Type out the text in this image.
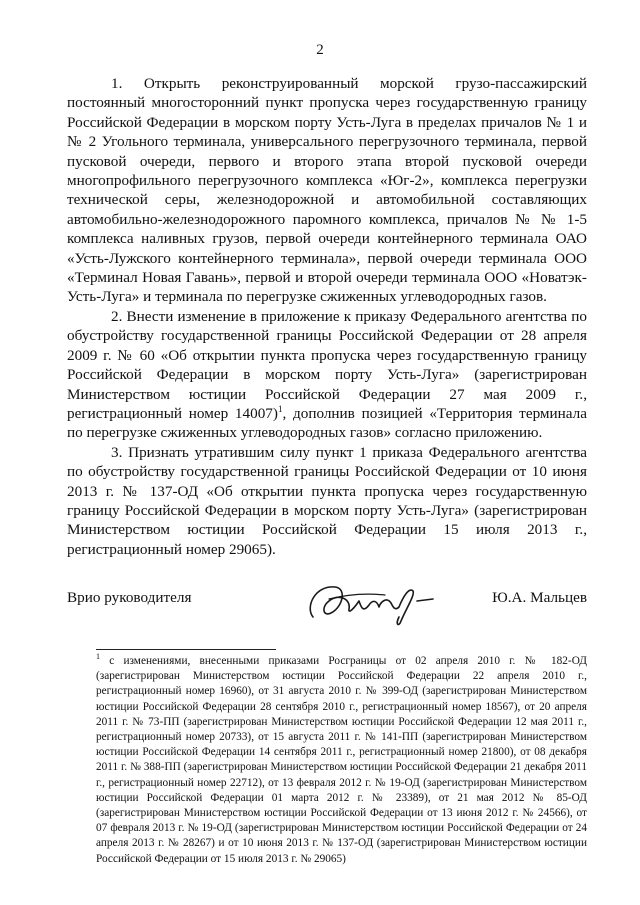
2

1. Открыть реконструированный морской грузо-пассажирский постоянный многосторонний пункт пропуска через государственную границу Российской Федерации в морском порту Усть-Луга в пределах причалов № 1 и № 2 Угольного терминала, универсального перегрузочного терминала, первой пусковой очереди, первого и второго этапа второй пусковой очереди многопрофильного перегрузочного комплекса «Юг-2», комплекса перегрузки технической серы, железнодорожной и автомобильной составляющих автомобильно-железнодорожного паромного комплекса, причалов № № 1-5 комплекса наливных грузов, первой очереди контейнерного терминала ОАО «Усть-Лужского контейнерного терминала», первой очереди терминала ООО «Терминал Новая Гавань», первой и второй очереди терминала ООО «Новатэк-Усть-Луга» и терминала по перегрузке сжиженных углеводородных газов.

2. Внести изменение в приложение к приказу Федерального агентства по обустройству государственной границы Российской Федерации от 28 апреля 2009 г. № 60 «Об открытии пункта пропуска через государственную границу Российской Федерации в морском порту Усть-Луга» (зарегистрирован Министерством юстиции Российской Федерации 27 мая 2009 г., регистрационный номер 14007)$^1$, дополнив позицией «Территория терминала по перегрузке сжиженных углеводородных газов» согласно приложению.

3. Признать утратившим силу пункт 1 приказа Федерального агентства по обустройству государственной границы Российской Федерации от 10 июня 2013 г. № 137-ОД «Об открытии пункта пропуска через государственную границу Российской Федерации в морском порту Усть-Луга» (зарегистрирован Министерством юстиции Российской Федерации 15 июля 2013 г., регистрационный номер 29065).

Врио руководителя	Ю.А. Мальцев
$^1$ с изменениями, внесенными приказами Росграницы от 02 апреля 2010 г. № 182-ОД (зарегистрирован Министерством юстиции Российской Федерации 22 апреля 2010 г., регистрационный номер 16960), от 31 августа 2010 г. № 399-ОД (зарегистрирован Министерством юстиции Российской Федерации 28 сентября 2010 г., регистрационный номер 18567), от 20 апреля 2011 г. № 73-ПП (зарегистрирован Министерством юстиции Российской Федерации 12 мая 2011 г., регистрационный номер 20733), от 15 августа 2011 г. № 141-ПП (зарегистрирован Министерством юстиции Российской Федерации 14 сентября 2011 г., регистрационный номер 21800), от 08 декабря 2011 г. № 388-ПП (зарегистрирован Министерством юстиции Российской Федерации 21 декабря 2011 г., регистрационный номер 22712), от 13 февраля 2012 г. № 19-ОД (зарегистрирован Министерством юстиции Российской Федерации 01 марта 2012 г. № 23389), от 21 мая 2012 № 85-ОД (зарегистрирован Министерством юстиции Российской Федерации от 13 июня 2012 г. № 24566), от 07 февраля 2013 г. № 19-ОД (зарегистрирован Министерством юстиции Российской Федерации от 24 апреля 2013 г. № 28267) и от 10 июня 2013 г. № 137-ОД (зарегистрирован Министерством юстиции Российской Федерации от 15 июля 2013 г. № 29065)
